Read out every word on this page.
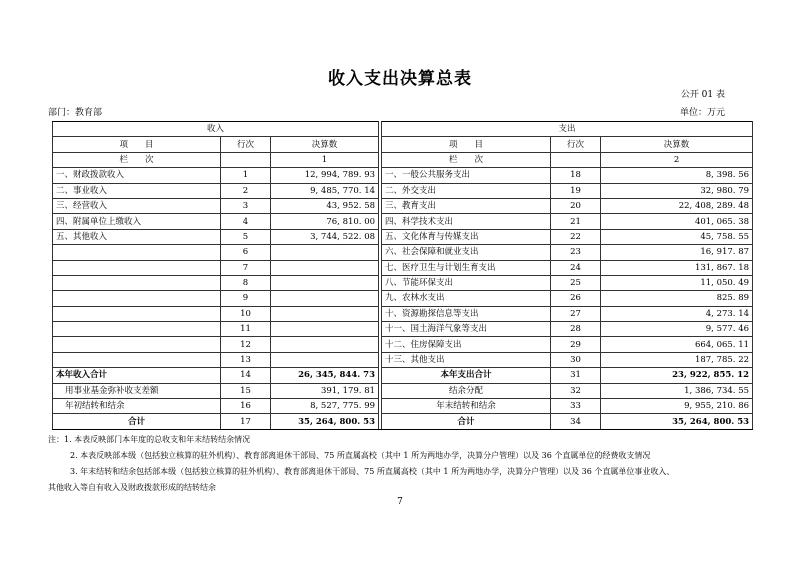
收入支出决算总表
公开 01 表
部门：教育部	单位：万元
收入				支出		
项　　目	行次	决算数		项　　目	行次	决算数
栏　　次		1		栏　　次		2
一、财政拨款收入	1	12, 994, 789. 93		一、一般公共服务支出	18	8, 398. 56
二、事业收入	2	9, 485, 770. 14		二、外交支出	19	32, 980. 79
三、经营收入	3	43, 952. 58		三、教育支出	20	22, 408, 289. 48
四、附属单位上缴收入	4	76, 810. 00		四、科学技术支出	21	401, 065. 38
五、其他收入	5	3, 744, 522. 08		五、文化体育与传媒支出	22	45, 758. 55
	6			六、社会保障和就业支出	23	16, 917. 87
	7			七、医疗卫生与计划生育支出	24	131, 867. 18
	8			八、节能环保支出	25	11, 050. 49
	9			九、农林水支出	26	825. 89
	10			十、资源勘探信息等支出	27	4, 273. 14
	11			十一、国土海洋气象等支出	28	9, 577. 46
	12			十二、住房保障支出	29	664, 065. 11
	13			十三、其他支出	30	187, 785. 22
本年收入合计	14	26, 345, 844. 73		本年支出合计	31	23, 922, 855. 12
用事业基金弥补收支差额	15	391, 179. 81		结余分配	32	1, 386, 734. 55
年初结转和结余	16	8, 527, 775. 99		年末结转和结余	33	9, 955, 210. 86
合计	17	35, 264, 800. 53		合计	34	35, 264, 800. 53
注：1. 本表反映部门本年度的总收支和年末结转结余情况
2. 本表反映部本级（包括独立核算的驻外机构）、教育部离退休干部局、75 所直属高校（其中 1 所为两地办学，决算分户管理）以及 36 个直属单位的经费收支情况
3. 年末结转和结余包括部本级（包括独立核算的驻外机构）、教育部离退休干部局、75 所直属高校（其中 1 所为两地办学，决算分户管理）以及 36 个直属单位事业收入、
其他收入等自有收入及财政拨款形成的结转结余
7
